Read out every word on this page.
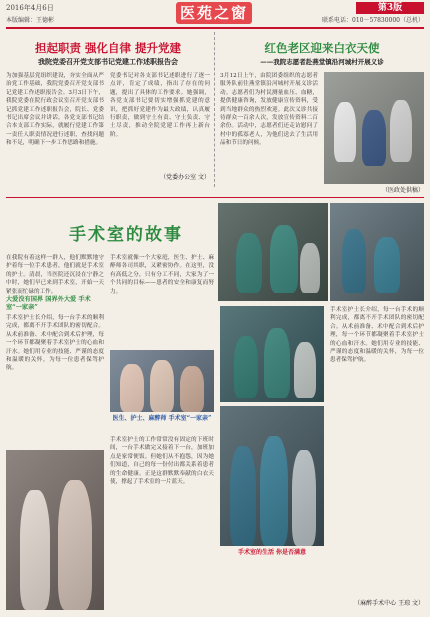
2016年4月6日
本版编辑：王德彬	医苑之窗	第3版
联系电话：010－57830000（总机）
担起职责 强化自律 提升党建
我院党委召开党支部书记党建工作述职报告会
为加强基层党组织建设，夯实全面从严治党工作基础，我院党委召开党支部书记党建工作述职报告会。3月3日下午，我院党委在院行政会议室召开党支部书记抓党建工作述职报告会，院长、党委书记出席会议并讲话。各党支部书记结合本支部工作实际，就履行党建工作第一责任人职责情况进行述职，查找问题和不足，明确下一步工作思路和措施。
党委书记对各支部书记述职进行了逐一点评，肯定了成绩，指出了存在的问题，提出了具体的工作要求。她强调，各党支部书记要切实增强抓党建的意识，把抓好党建作为最大政绩，认真履行职责，做到守土有责、守土负责、守土尽责，推动全院党建工作再上新台阶。
（党委办公室 文）
红色老区迎来白衣天使
——我院志愿者赴燕堂镇沿河城村开展义诊
3月12日上午，由院团委组织的志愿者服务队前往燕堂镇沿河城村开展义诊活动。志愿者们为村民测量血压、血糖，提供健康咨询，发放健康宣传资料，受到当地群众的热烈欢迎。此次义诊共接待群众一百余人次，发放宣传资料二百余份。活动中，志愿者们还走访慰问了村中的孤寡老人，为他们送去了生活用品和节日的问候。
（医政处供稿）
手术室的故事
在我院有着这样一群人，他们默默地守护着每一位手术患者，他们就是手术室的护士。清晨，当医院还沉浸在宁静之中时，她们早已来到手术室，开始一天紧张而忙碌的工作。
大爱没有国界 国界外大爱 手术室“一家亲”
手术室护士长介绍，每一台手术的顺利完成，都离不开手术团队的密切配合。从术前准备、术中配合到术后护理，每一个环节都凝聚着手术室护士的心血和汗水。她们用专业的技能、严谨的态度和温暖的关怀，为每一位患者保驾护航。
手术室就像一个大家庭，医生、护士、麻醉师各司其职，又紧密协作。在这里，没有高低之分，只有分工不同，大家为了一个共同的目标——患者的安全和康复而努力。
医生、护士、麻醉师 手术室“一家亲”
手术室护士的工作常常没有固定的下班时间，一台手术做完又接着下一台，加班加点是家常便饭。但她们从不抱怨，因为她们知道，自己的每一份付出都关系着患者的生命健康。正是这群默默奉献的白衣天使，撑起了手术室的一片蓝天。
手术室的生活 你是否满意
手术室护士长介绍，每一台手术的顺利完成，都离不开手术团队的密切配合。从术前准备、术中配合到术后护理，每一个环节都凝聚着手术室护士的心血和汗水。她们用专业的技能、严谨的态度和温暖的关怀，为每一位患者保驾护航。
（麻醉手术中心 王琼 文）
